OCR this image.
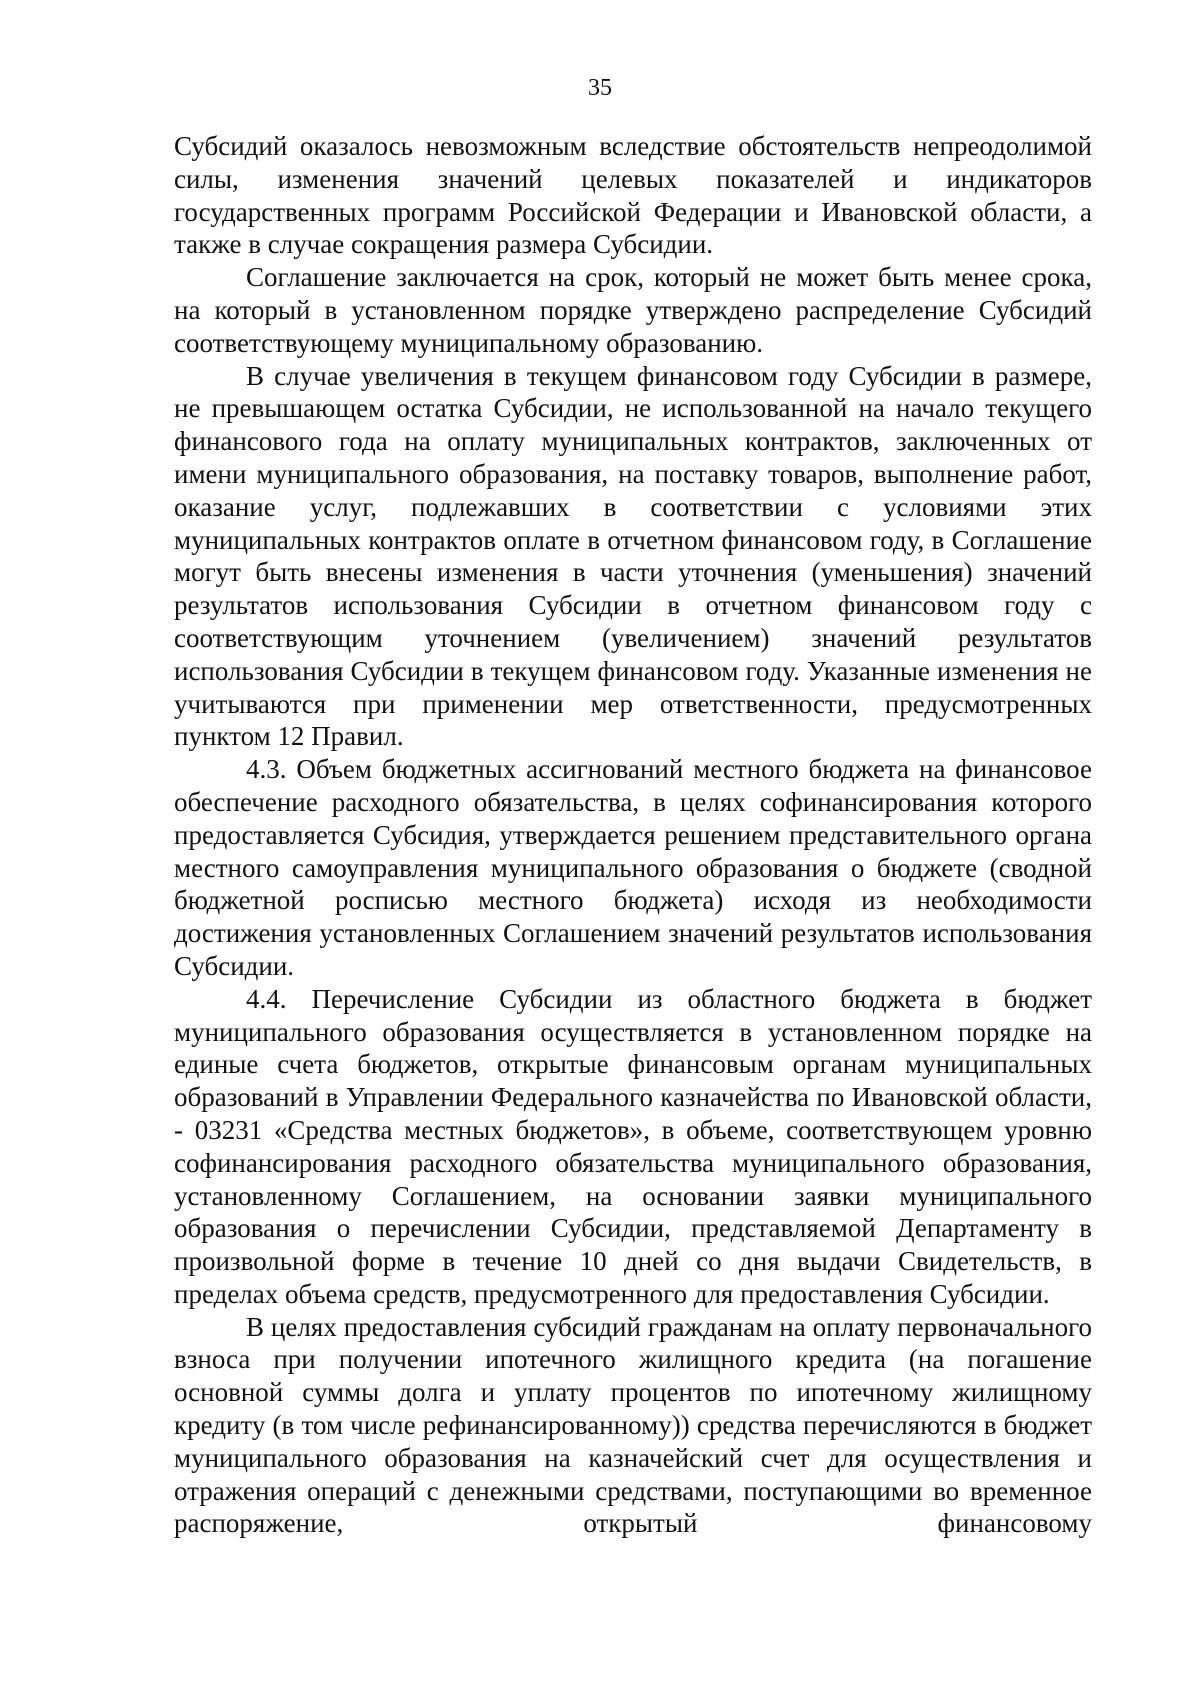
35

Субсидий оказалось невозможным вследствие обстоятельств непреодолимой силы, изменения значений целевых показателей и индикаторов государственных программ Российской Федерации и Ивановской области, а также в случае сокращения размера Субсидии.

Соглашение заключается на срок, который не может быть менее срока, на который в установленном порядке утверждено распределение Субсидий соответствующему муниципальному образованию.

В случае увеличения в текущем финансовом году Субсидии в размере, не превышающем остатка Субсидии, не использованной на начало текущего финансового года на оплату муниципальных контрактов, заключенных от имени муниципального образования, на поставку товаров, выполнение работ, оказание услуг, подлежавших в соответствии с условиями этих муниципальных контрактов оплате в отчетном финансовом году, в Соглашение могут быть внесены изменения в части уточнения (уменьшения) значений результатов использования Субсидии в отчетном финансовом году с соответствующим уточнением (увеличением) значений результатов использования Субсидии в текущем финансовом году. Указанные изменения не учитываются при применении мер ответственности, предусмотренных пунктом 12 Правил.

4.3. Объем бюджетных ассигнований местного бюджета на финансовое обеспечение расходного обязательства, в целях софинансирования которого предоставляется Субсидия, утверждается решением представительного органа местного самоуправления муниципального образования о бюджете (сводной бюджетной росписью местного бюджета) исходя из необходимости достижения установленных Соглашением значений результатов использования Субсидии.

4.4. Перечисление Субсидии из областного бюджета в бюджет муниципального образования осуществляется в установленном порядке на единые счета бюджетов, открытые финансовым органам муниципальных образований в Управлении Федерального казначейства по Ивановской области, - 03231 «Средства местных бюджетов», в объеме, соответствующем уровню софинансирования расходного обязательства муниципального образования, установленному Соглашением, на основании заявки муниципального образования о перечислении Субсидии, представляемой Департаменту в произвольной форме в течение 10 дней со дня выдачи Свидетельств, в пределах объема средств, предусмотренного для предоставления Субсидии.

В целях предоставления субсидий гражданам на оплату первоначального взноса при получении ипотечного жилищного кредита (на погашение основной суммы долга и уплату процентов по ипотечному жилищному кредиту (в том числе рефинансированному)) средства перечисляются в бюджет муниципального образования на казначейский счет для осуществления и отражения операций с денежными средствами, поступающими во временное распоряжение, открытый финансовому
